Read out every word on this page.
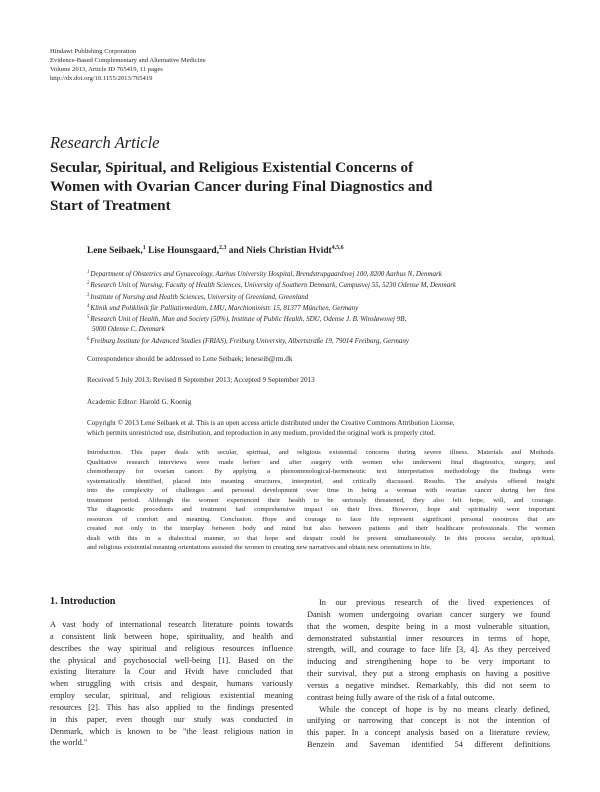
Hindawi Publishing Corporation
Evidence-Based Complementary and Alternative Medicine
Volume 2013, Article ID 765419, 11 pages
http://dx.doi.org/10.1155/2013/765419
Research Article
Secular, Spiritual, and Religious Existential Concerns of
Women with Ovarian Cancer during Final Diagnostics and
Start of Treatment
Lene Seibaek,$^1$ Lise Hounsgaard,$^{2,3}$ and Niels Christian Hvidt$^{4,5,6}$
$^1$Department of Obstetrics and Gynaecology, Aarhus University Hospital, Brendstrupgaardsvej 100, 8200 Aarhus N, Denmark
$^2$Research Unit of Nursing, Faculty of Health Sciences, University of Southern Denmark, Campusvej 55, 5230 Odense M, Denmark
$^3$Institute of Nursing and Health Sciences, University of Greenland, Greenland
$^4$Klinik und Poliklinik für Palliativmedizin, LMU, Marchioninistr. 15, 81377 München, Germany
$^5$Research Unit of Health, Man and Society (50%), Institute of Public Health, SDU, Odense J. B. Winsløwsvej 9B,
5000 Odense C, Denmark
$^6$Freiburg Institute for Advanced Studies (FRIAS), Freiburg University, Albertstraße 19, 79014 Freiburg, Germany
Correspondence should be addressed to Lene Seibaek; leneseib@rm.dk
Received 5 July 2013; Revised 8 September 2013; Accepted 9 September 2013
Academic Editor: Harold G. Koenig
Copyright © 2013 Lene Seibaek et al. This is an open access article distributed under the Creative Commons Attribution License,
which permits unrestricted use, distribution, and reproduction in any medium, provided the original work is properly cited.
Introduction. This paper deals with secular, spiritual, and religious existential concerns during severe illness. Materials and Methods.
Qualitative research interviews were made before and after surgery with women who underwent final diagnostics, surgery, and
chemotherapy for ovarian cancer. By applying a phenomenological-hermeneutic text interpretation methodology the findings were
systematically identified, placed into meaning structures, interpreted, and critically discussed. Results. The analysis offered insight
into the complexity of challenges and personal development over time in being a woman with ovarian cancer during her first
treatment period. Although the women experienced their health to be seriously threatened, they also felt hope, will, and courage.
The diagnostic procedures and treatment had comprehensive impact on their lives. However, hope and spirituality were important
resources of comfort and meaning. Conclusion. Hope and courage to face life represent significant personal resources that are
created not only in the interplay between body and mind but also between patients and their healthcare professionals. The women
dealt with this in a dialectical manner, so that hope and despair could be present simultaneously. In this process secular, spiritual,
and religious existential meaning orientations assisted the women in creating new narratives and obtain new orientations in life.
1. Introduction
A vast body of international research literature points towards
a consistent link between hope, spirituality, and health and
describes the way spiritual and religious resources influence
the physical and psychosocial well-being [1]. Based on the
existing literature la Cour and Hvidt have concluded that
when struggling with crisis and despair, humans variously
employ secular, spiritual, and religious existential meaning
resources [2]. This has also applied to the findings presented
in this paper, even though our study was conducted in
Denmark, which is known to be "the least religious nation in
the world."
In our previous research of the lived experiences of
Danish women undergoing ovarian cancer surgery we found
that the women, despite being in a most vulnerable situation,
demonstrated substantial inner resources in terms of hope,
strength, will, and courage to face life [3, 4]. As they perceived
inducing and strengthening hope to be very important to
their survival, they put a strong emphasis on having a positive
versus a negative mindset. Remarkably, this did not seem to
contrast being fully aware of the risk of a fatal outcome.
While the concept of hope is by no means clearly defined,
unifying or narrowing that concept is not the intention of
this paper. In a concept analysis based on a literature review,
Benzein and Saveman identified 54 different definitions
